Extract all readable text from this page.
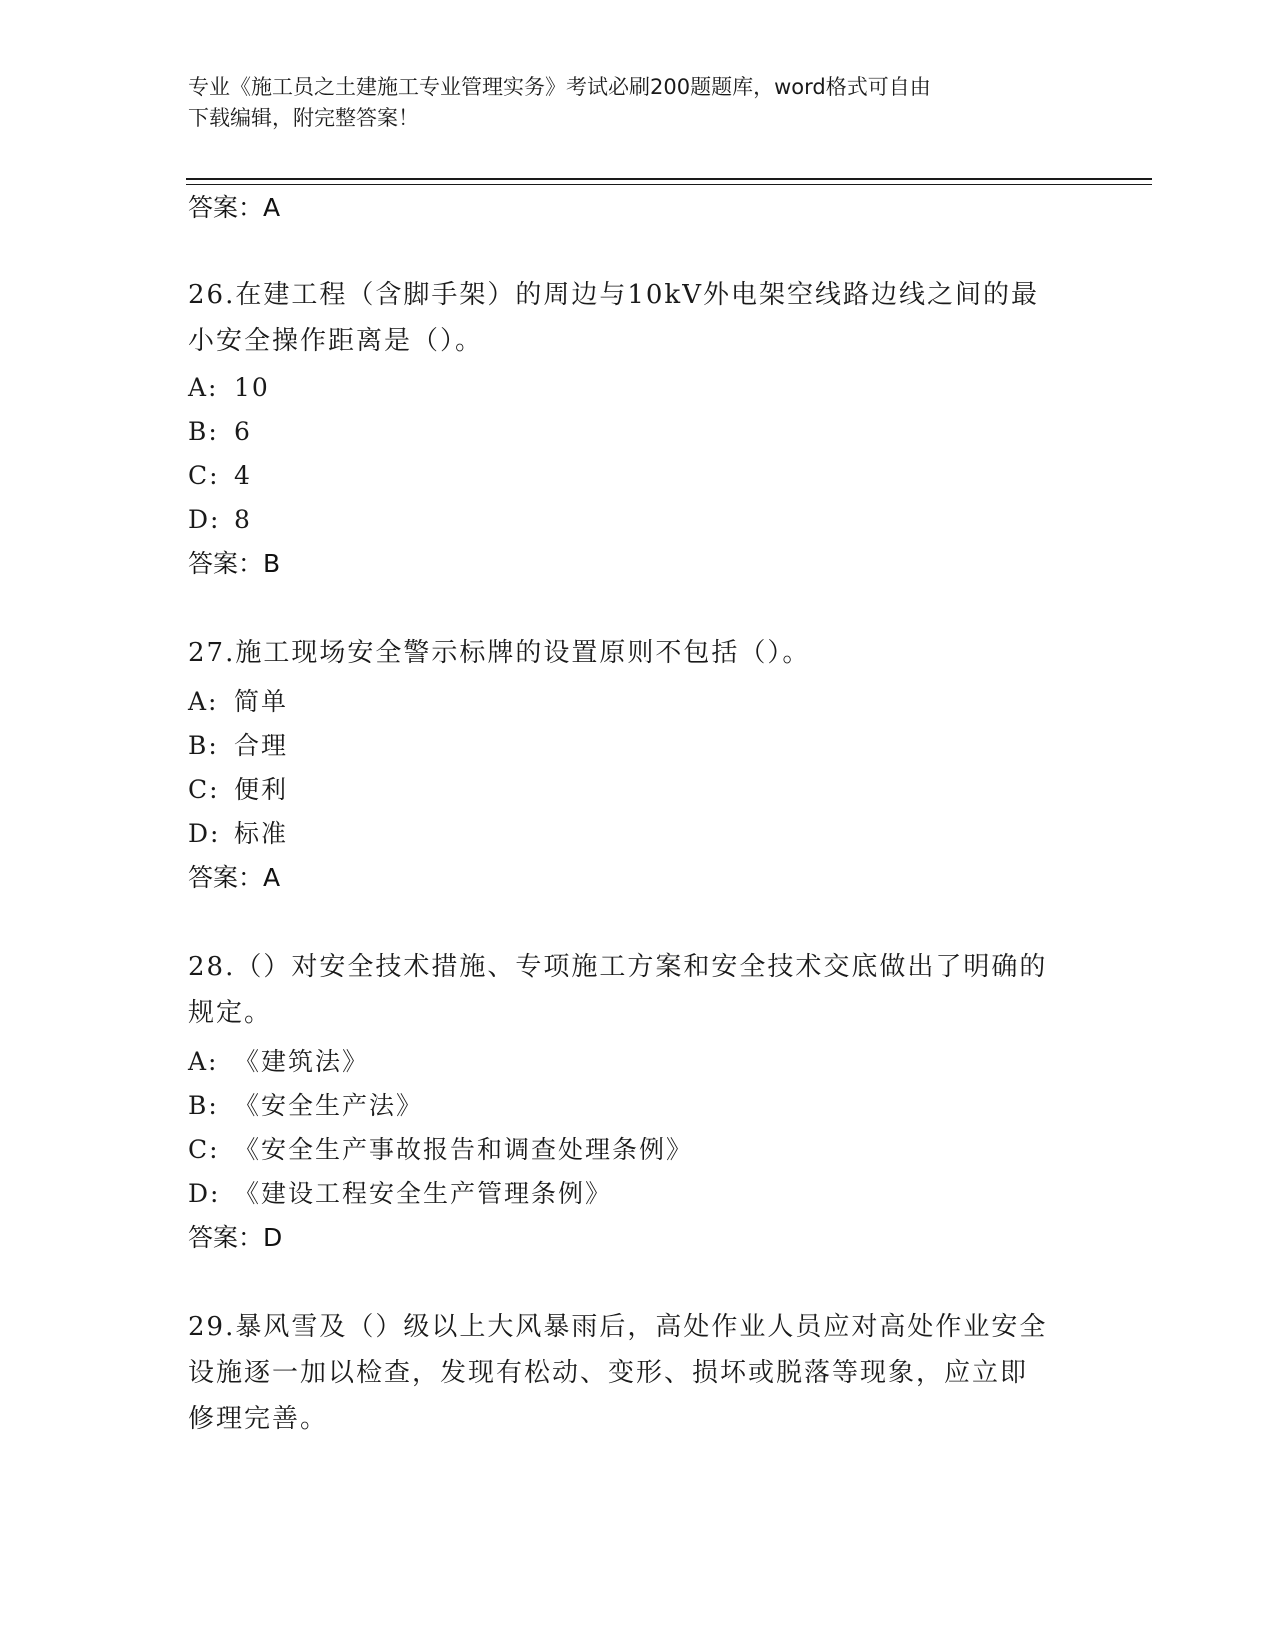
专业《施工员之土建施工专业管理实务》考试必刷200题题库，word格式可自由
下载编辑，附完整答案！
答案：A
26.在建工程（含脚手架）的周边与10kV外电架空线路边线之间的最
小安全操作距离是（）。
A: 10
B: 6
C: 4
D: 8
答案：B
27.施工现场安全警示标牌的设置原则不包括（）。
A: 简单
B: 合理
C: 便利
D: 标准
答案：A
28.（）对安全技术措施、专项施工方案和安全技术交底做出了明确的
规定。
A: 《建筑法》
B: 《安全生产法》
C: 《安全生产事故报告和调查处理条例》
D: 《建设工程安全生产管理条例》
答案：D
29.暴风雪及（）级以上大风暴雨后，高处作业人员应对高处作业安全
设施逐一加以检查，发现有松动、变形、损坏或脱落等现象，应立即
修理完善。
